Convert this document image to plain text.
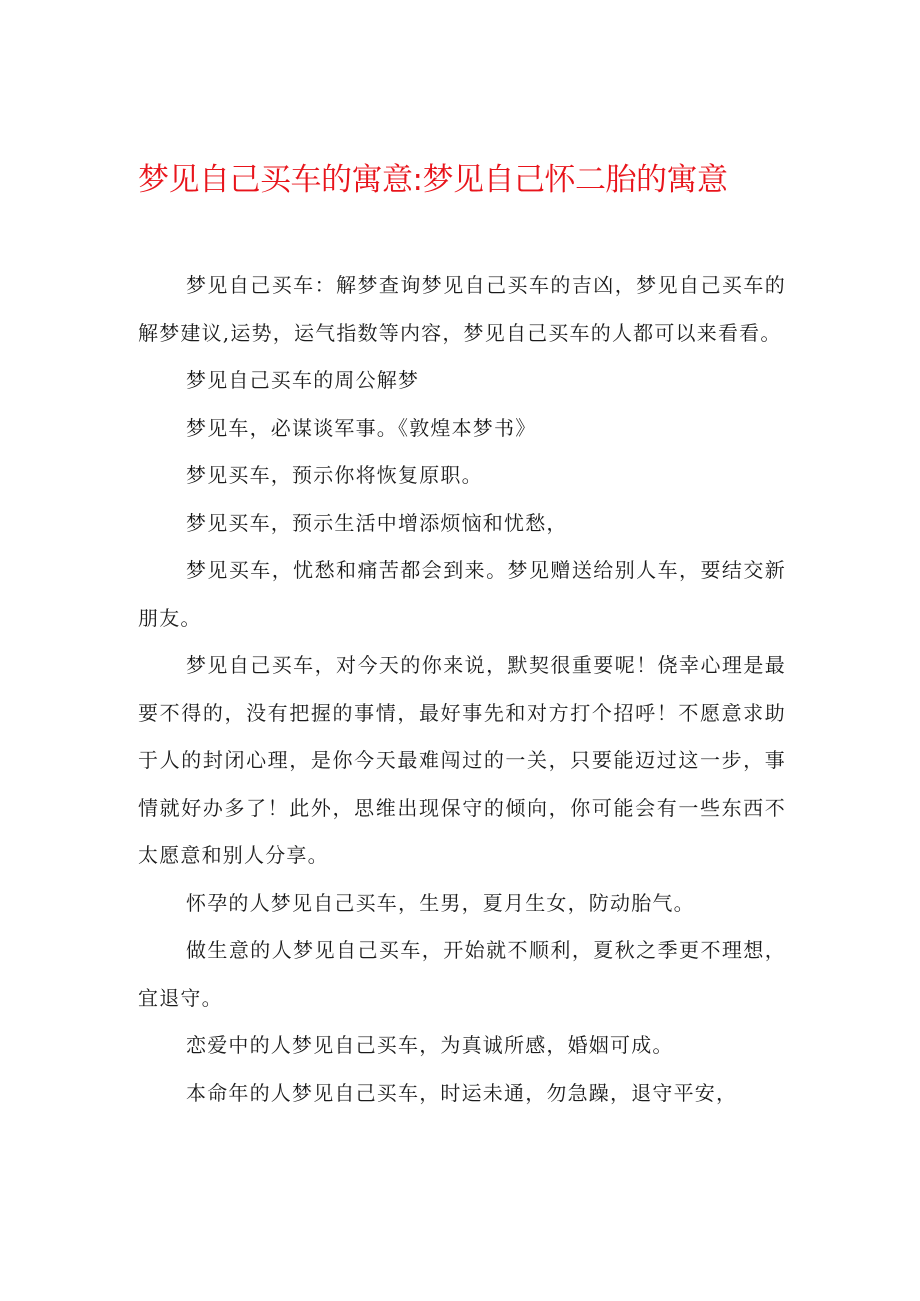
梦见自己买车的寓意:梦见自己怀二胎的寓意

梦见自己买车：解梦查询梦见自己买车的吉凶，梦见自己买车的解梦建议,运势，运气指数等内容，梦见自己买车的人都可以来看看。

梦见自己买车的周公解梦

梦见车，必谋谈军事。《敦煌本梦书》

梦见买车，预示你将恢复原职。

梦见买车，预示生活中增添烦恼和忧愁，

梦见买车，忧愁和痛苦都会到来。梦见赠送给别人车，要结交新朋友。

梦见自己买车，对今天的你来说，默契很重要呢！侥幸心理是最要不得的，没有把握的事情，最好事先和对方打个招呼！不愿意求助于人的封闭心理，是你今天最难闯过的一关，只要能迈过这一步，事情就好办多了！此外，思维出现保守的倾向，你可能会有一些东西不太愿意和别人分享。

怀孕的人梦见自己买车，生男，夏月生女，防动胎气。

做生意的人梦见自己买车，开始就不顺利，夏秋之季更不理想，宜退守。

恋爱中的人梦见自己买车，为真诚所感，婚姻可成。

本命年的人梦见自己买车，时运未通，勿急躁，退守平安，
